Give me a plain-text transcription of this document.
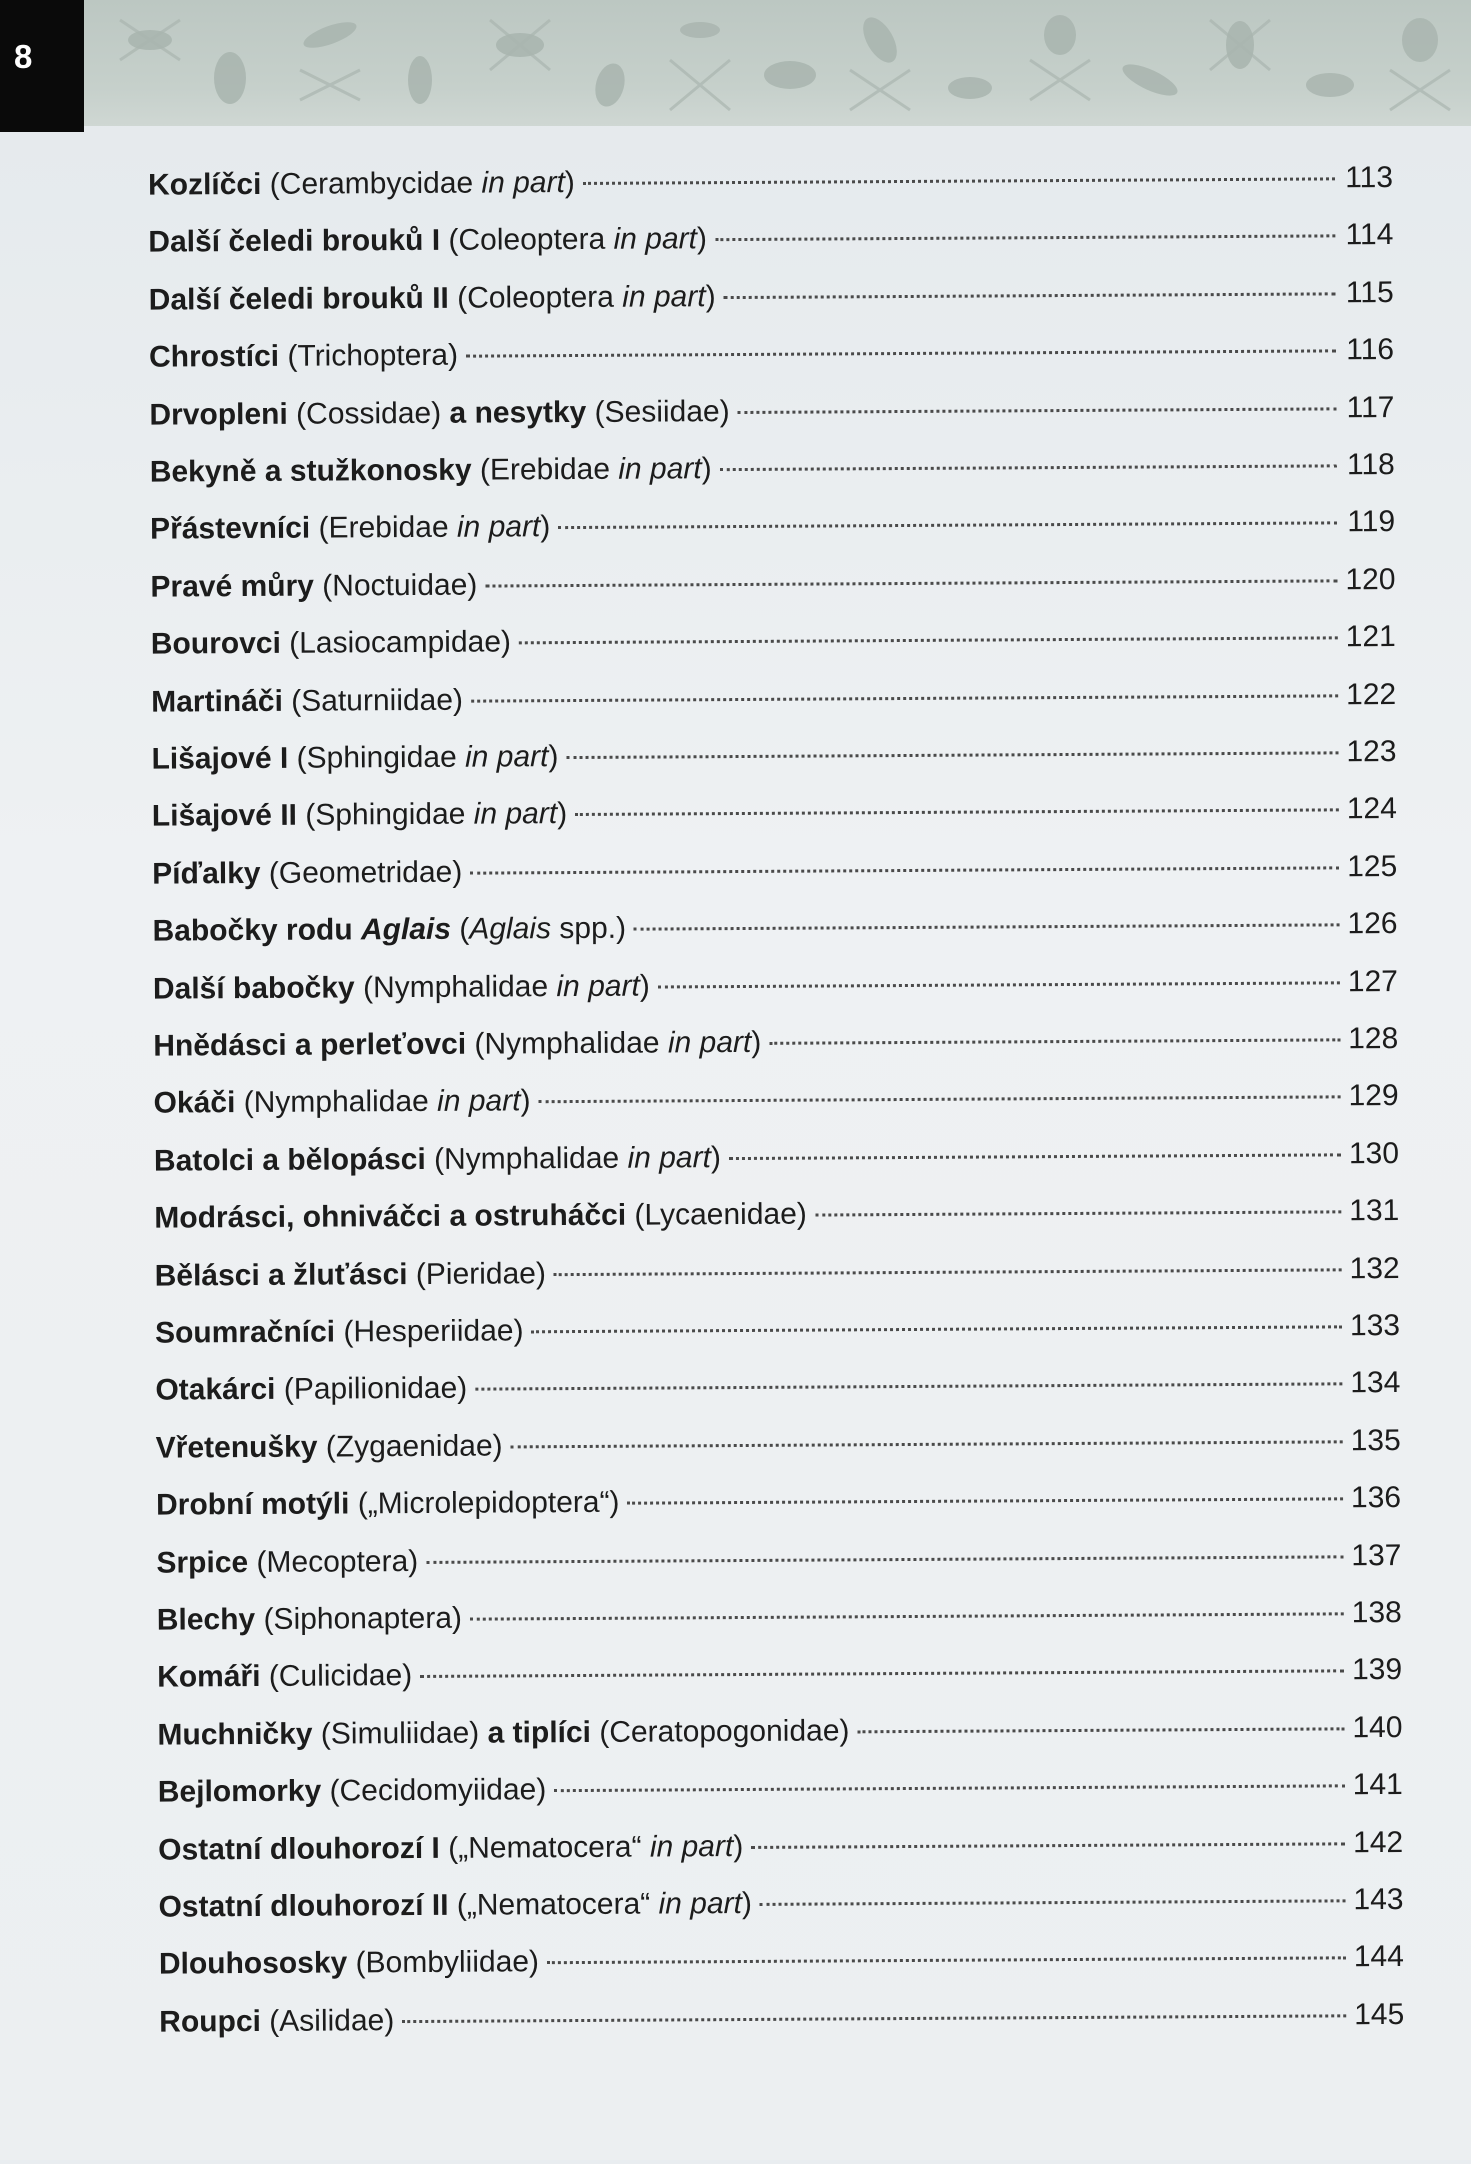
8
Kozlíčci (Cerambycidae in part)	113
Další čeledi brouků I (Coleoptera in part)	114
Další čeledi brouků II (Coleoptera in part)	115
Chrostíci (Trichoptera)	116
Drvopleni (Cossidae) a nesytky (Sesiidae)	117
Bekyně a stužkonosky (Erebidae in part)	118
Přástevníci (Erebidae in part)	119
Pravé můry (Noctuidae)	120
Bourovci (Lasiocampidae)	121
Martináči (Saturniidae)	122
Lišajové I (Sphingidae in part)	123
Lišajové II (Sphingidae in part)	124
Píďalky (Geometridae)	125
Babočky rodu Aglais (Aglais spp.)	126
Další babočky (Nymphalidae in part)	127
Hnědásci a perleťovci (Nymphalidae in part)	128
Okáči (Nymphalidae in part)	129
Batolci a bělopásci (Nymphalidae in part)	130
Modrásci, ohniváčci a ostruháčci (Lycaenidae)	131
Bělásci a žluťásci (Pieridae)	132
Soumračníci (Hesperiidae)	133
Otakárci (Papilionidae)	134
Vřetenušky (Zygaenidae)	135
Drobní motýli („Microlepidoptera“)	136
Srpice (Mecoptera)	137
Blechy (Siphonaptera)	138
Komáři (Culicidae)	139
Muchničky (Simuliidae) a tiplíci (Ceratopogonidae)	140
Bejlomorky (Cecidomyiidae)	141
Ostatní dlouhorozí I („Nematocera“ in part)	142
Ostatní dlouhorozí II („Nematocera“ in part)	143
Dlouhososky (Bombyliidae)	144
Roupci (Asilidae)	145
